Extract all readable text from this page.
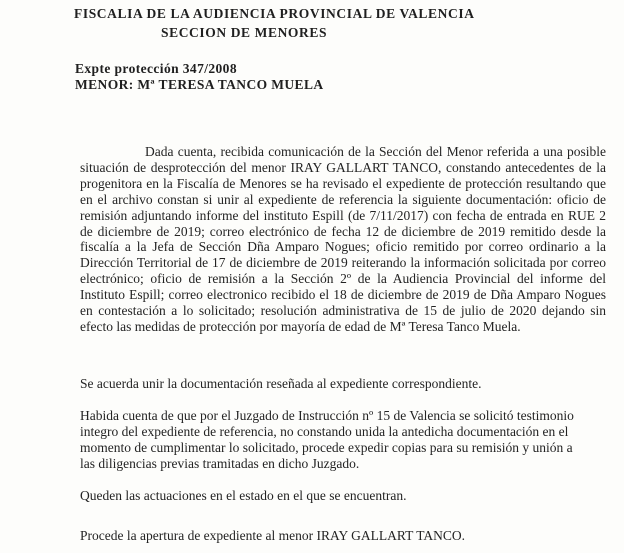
FISCALIA DE LA AUDIENCIA PROVINCIAL DE VALENCIA
SECCION DE MENORES
Expte protección 347/2008
MENOR: Mª TERESA TANCO MUELA
Dada cuenta, recibida comunicación de la Sección del Menor referida a una posible situación de desprotección del menor IRAY GALLART TANCO, constando antecedentes de la progenitora en la Fiscalía de Menores se ha revisado el expediente de protección resultando que en el archivo constan si unir al expediente de referencia la siguiente documentación: oficio de remisión adjuntando informe del instituto Espill (de 7/11/2017) con fecha de entrada en RUE 2 de diciembre de 2019; correo electrónico de fecha 12 de diciembre de 2019 remitido desde la fiscalía a la Jefa de Sección Dña Amparo Nogues; oficio remitido por correo ordinario a la Dirección Territorial de 17 de diciembre de 2019 reiterando la información solicitada por correo electrónico; oficio de remisión a la Sección 2º de la Audiencia Provincial del informe del Instituto Espill; correo electronico recibido el 18 de diciembre de 2019 de Dña Amparo Nogues en contestación a lo solicitado; resolución administrativa de 15 de julio de 2020 dejando sin efecto las medidas de protección por mayoría de edad de Mª Teresa Tanco Muela.
Se acuerda unir la documentación reseñada al expediente correspondiente.
Habida cuenta de que por el Juzgado de Instrucción nº 15 de Valencia se solicitó testimonio integro del expediente de referencia, no constando unida la antedicha documentación en el momento de cumplimentar lo solicitado, procede expedir copias para su remisión y unión a las diligencias previas tramitadas en dicho Juzgado.
Queden las actuaciones en el estado en el que se encuentran.
Procede la apertura de expediente al menor IRAY GALLART TANCO.
